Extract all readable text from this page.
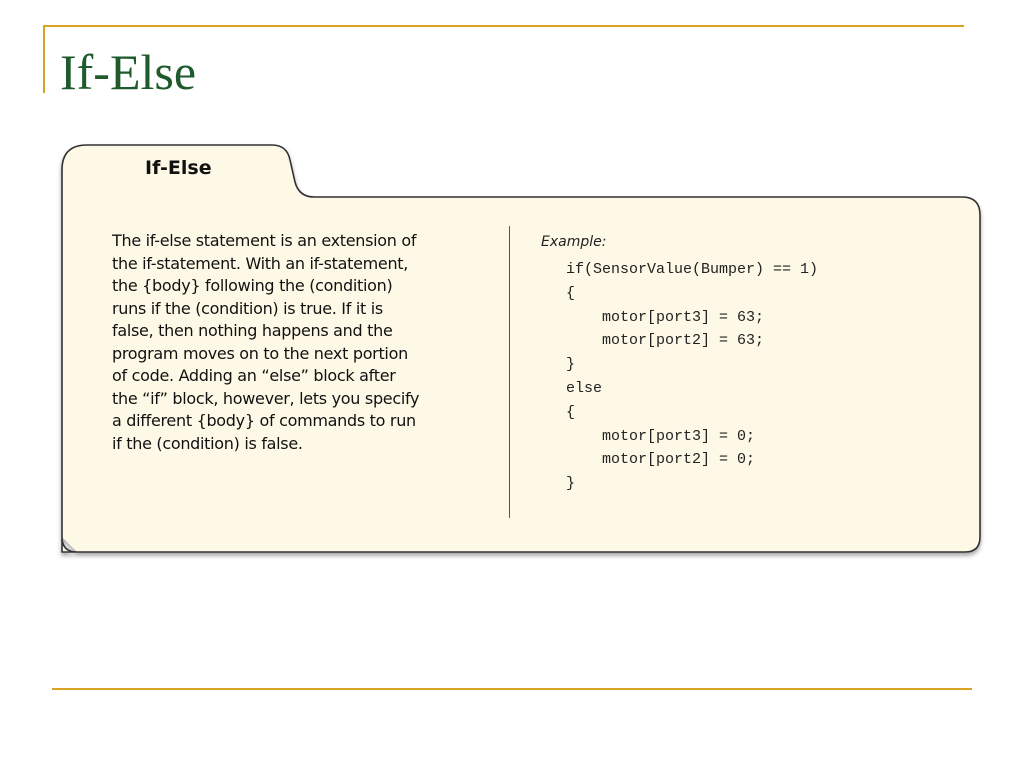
If-Else
If-Else
The if-else statement is an extension of
the if-statement. With an if-statement,
the {body} following the (condition)
runs if the (condition) is true. If it is
false, then nothing happens and the
program moves on to the next portion
of code. Adding an “else” block after
the “if” block, however, lets you specify
a different {body} of commands to run
if the (condition) is false.
Example:
if(SensorValue(Bumper) == 1)
{
motor[port3] = 63;
motor[port2] = 63;
}
else
{
motor[port3] = 0;
motor[port2] = 0;
}
